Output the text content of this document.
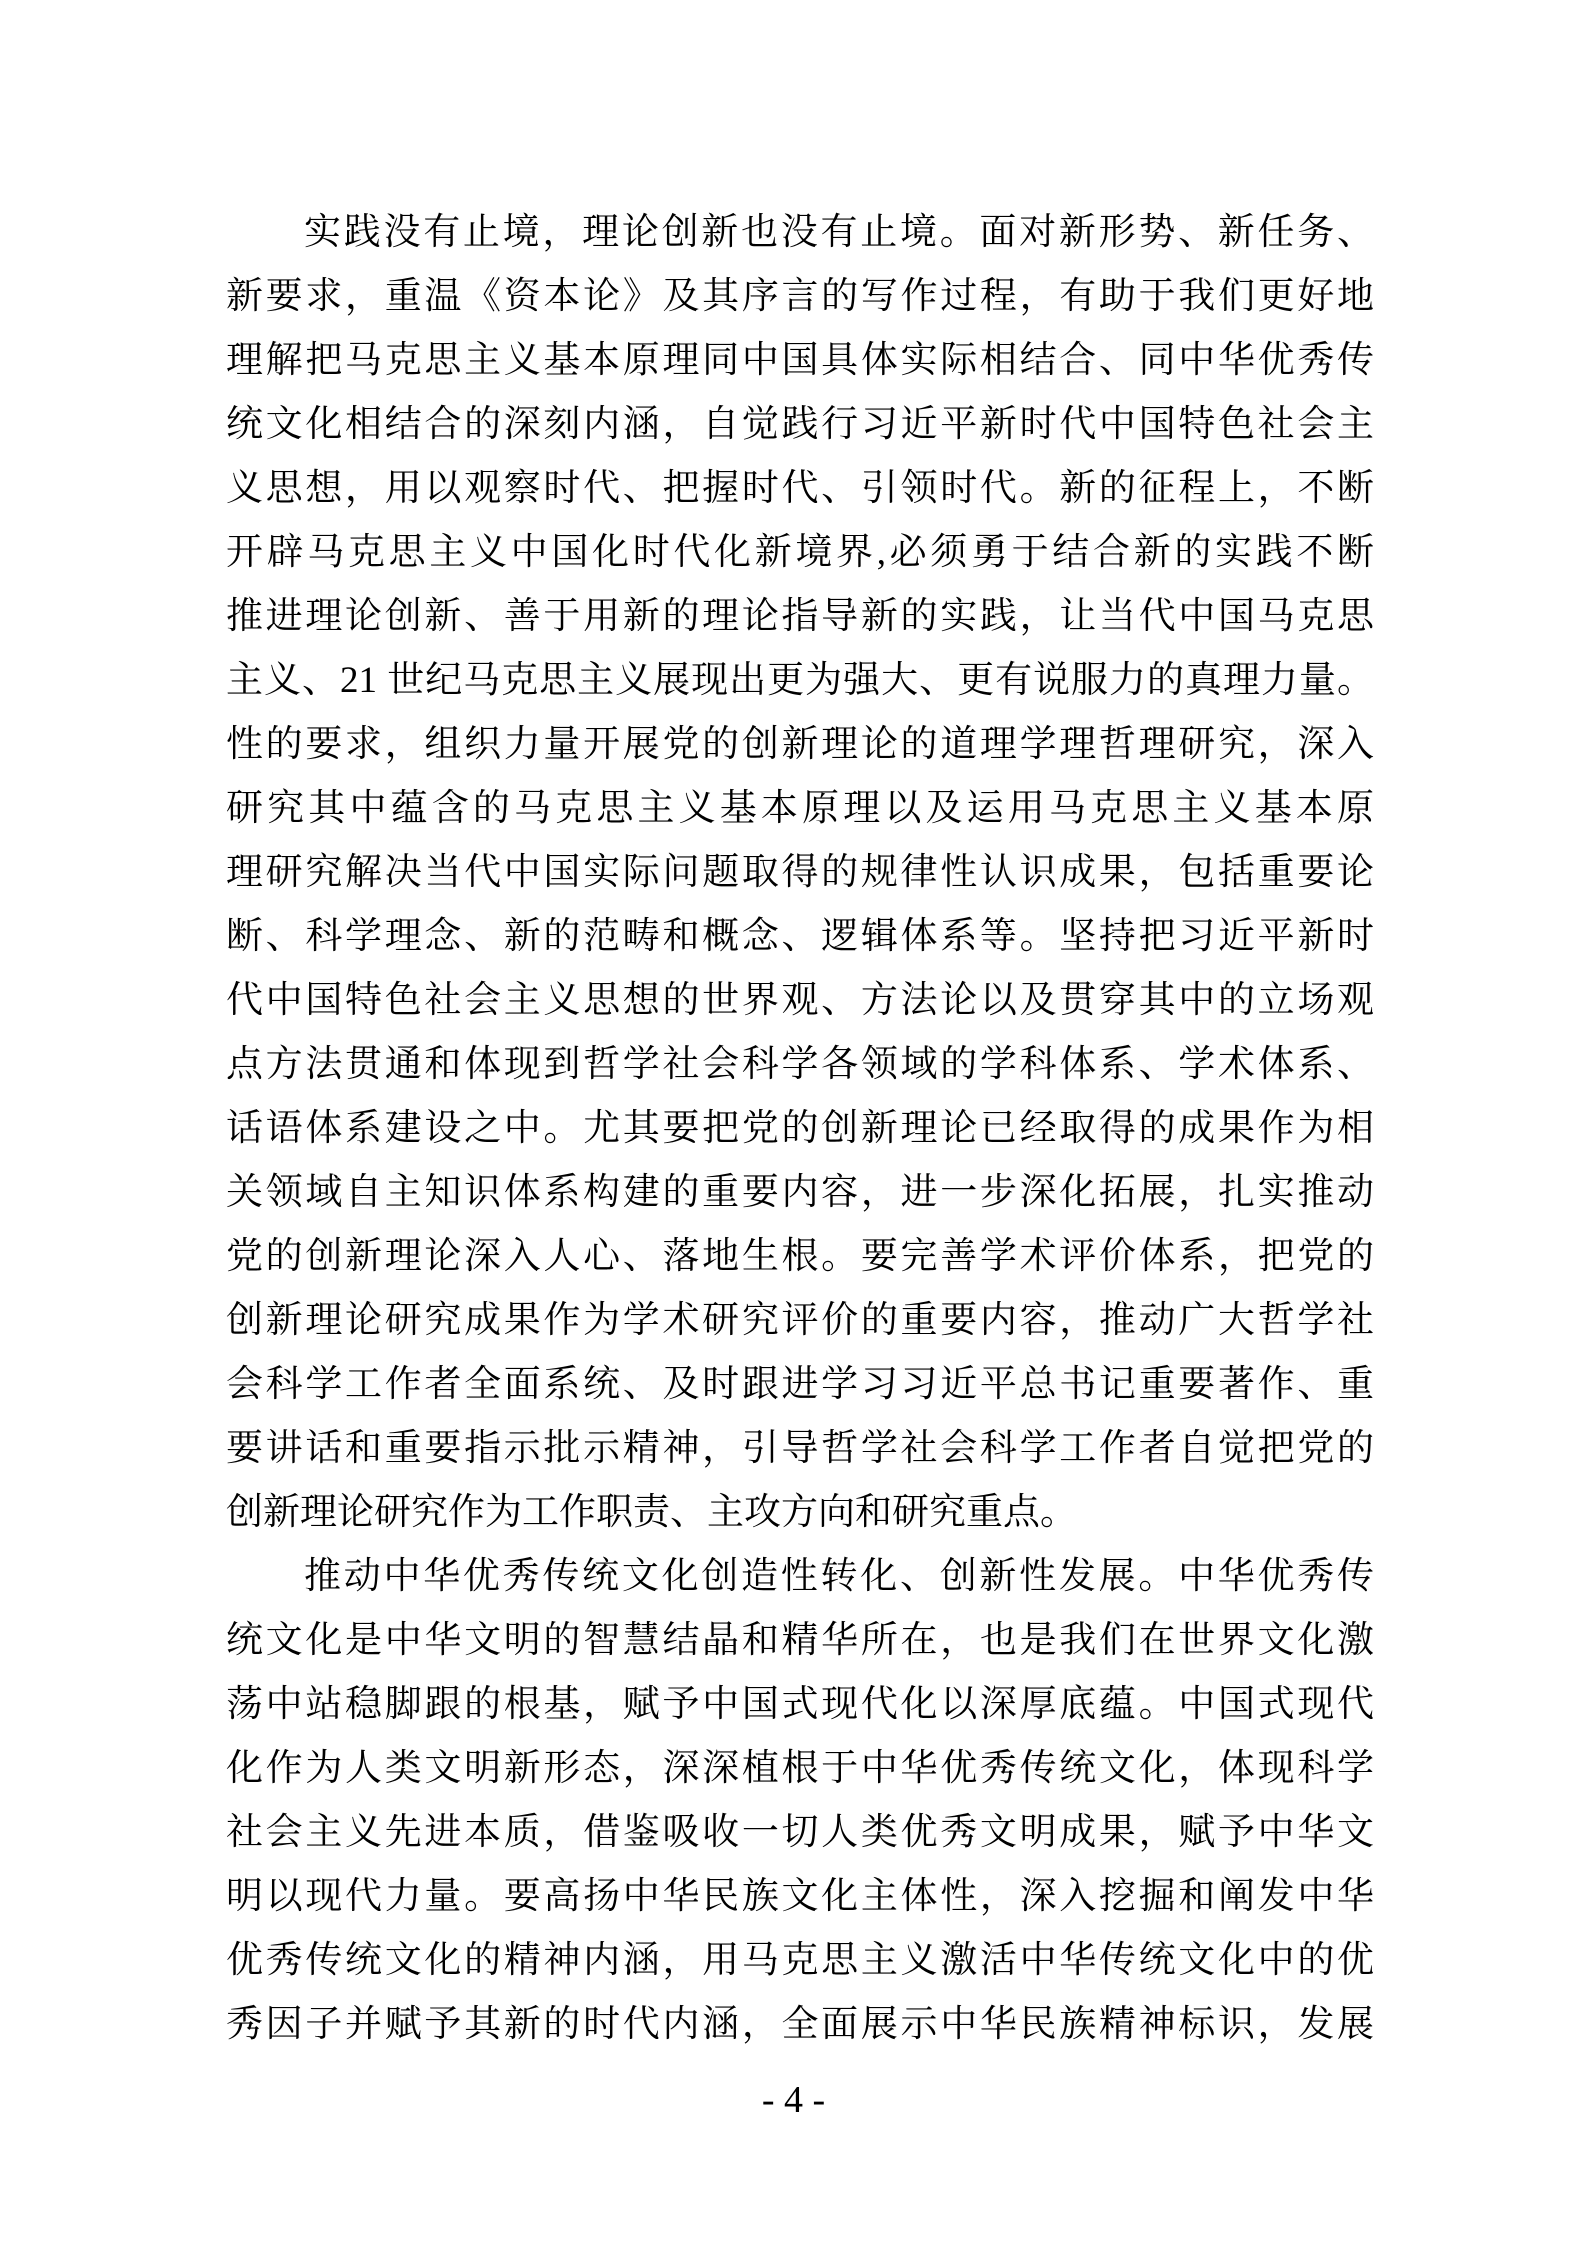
实践没有止境，理论创新也没有止境。面对新形势、新任务、
新要求，重温《资本论》及其序言的写作过程，有助于我们更好地
理解把马克思主义基本原理同中国具体实际相结合、同中华优秀传
统文化相结合的深刻内涵，自觉践行习近平新时代中国特色社会主
义思想，用以观察时代、把握时代、引领时代。新的征程上，不断
开辟马克思主义中国化时代化新境界,必须勇于结合新的实践不断
推进理论创新、善于用新的理论指导新的实践，让当代中国马克思
主义、21 世纪马克思主义展现出更为强大、更有说服力的真理力量。
性的要求，组织力量开展党的创新理论的道理学理哲理研究，深入
研究其中蕴含的马克思主义基本原理以及运用马克思主义基本原
理研究解决当代中国实际问题取得的规律性认识成果，包括重要论
断、科学理念、新的范畴和概念、逻辑体系等。坚持把习近平新时
代中国特色社会主义思想的世界观、方法论以及贯穿其中的立场观
点方法贯通和体现到哲学社会科学各领域的学科体系、学术体系、
话语体系建设之中。尤其要把党的创新理论已经取得的成果作为相
关领域自主知识体系构建的重要内容，进一步深化拓展，扎实推动
党的创新理论深入人心、落地生根。要完善学术评价体系，把党的
创新理论研究成果作为学术研究评价的重要内容，推动广大哲学社
会科学工作者全面系统、及时跟进学习习近平总书记重要著作、重
要讲话和重要指示批示精神，引导哲学社会科学工作者自觉把党的
创新理论研究作为工作职责、主攻方向和研究重点。
推动中华优秀传统文化创造性转化、创新性发展。中华优秀传
统文化是中华文明的智慧结晶和精华所在，也是我们在世界文化激
荡中站稳脚跟的根基，赋予中国式现代化以深厚底蕴。中国式现代
化作为人类文明新形态，深深植根于中华优秀传统文化，体现科学
社会主义先进本质，借鉴吸收一切人类优秀文明成果，赋予中华文
明以现代力量。要高扬中华民族文化主体性，深入挖掘和阐发中华
优秀传统文化的精神内涵，用马克思主义激活中华传统文化中的优
秀因子并赋予其新的时代内涵，全面展示中华民族精神标识，发展
- 4 -
